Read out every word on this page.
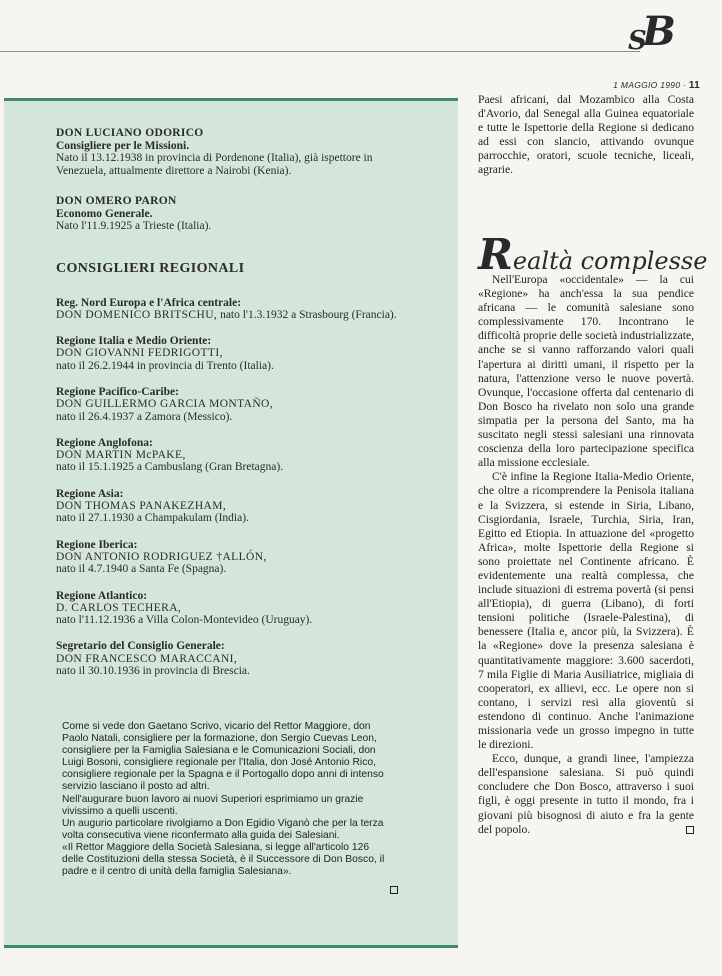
S
B
1 MAGGIO 1990 · 11
DON LUCIANO ODORICO
Consigliere per le Missioni.
Nato il 13.12.1938 in provincia di Pordenone (Italia), già ispettore in Venezuela, attualmente direttore a Nairobi (Kenia).
DON OMERO PARON
Economo Generale.
Nato l'11.9.1925 a Trieste (Italia).
CONSIGLIERI REGIONALI
Reg. Nord Europa e l'Africa centrale:
DON DOMENICO BRITSCHU, nato l'1.3.1932 a Strasbourg (Francia).
Regione Italia e Medio Oriente:
DON GIOVANNI FEDRIGOTTI,
nato il 26.2.1944 in provincia di Trento (Italia).
Regione Pacifico-Caribe:
DON GUILLERMO GARCIA MONTAÑO,
nato il 26.4.1937 a Zamora (Messico).
Regione Anglofona:
DON MARTIN McPAKE,
nato il 15.1.1925 a Cambuslang (Gran Bretagna).
Regione Asia:
DON THOMAS PANAKEZHAM,
nato il 27.1.1930 a Champakulam (India).
Regione Iberica:
DON ANTONIO RODRIGUEZ †ALLÓN,
nato il 4.7.1940 a Santa Fe (Spagna).
Regione Atlantico:
D. CARLOS TECHERA,
nato l'11.12.1936 a Villa Colon-Montevideo (Uruguay).
Segretario del Consiglio Generale:
DON FRANCESCO MARACCANI,
nato il 30.10.1936 in provincia di Brescia.
Come si vede don Gaetano Scrivo, vicario del Rettor Maggiore, don Paolo Natali, consigliere per la formazione, don Sergio Cuevas Leon, consigliere per la Famiglia Salesiana e le Comunicazioni Sociali, don Luigi Bosoni, consigliere regionale per l'Italia, don José Antonio Rico, consigliere regionale per la Spagna e il Portogallo dopo anni di intenso servizio lasciano il posto ad altri.
Nell'augurare buon lavoro ai nuovi Superiori esprimiamo un grazie vivissimo a quelli uscenti.
Un augurio particolare rivolgiamo a Don Egidio Viganò che per la terza volta consecutiva viene riconfermato alla guida dei Salesiani.
«Il Rettor Maggiore della Società Salesiana, si legge all'articolo 126 delle Costituzioni della stessa Società, è il Successore di Don Bosco, il padre e il centro di unità della famiglia Salesiana».

Paesi africani, dal Mozambico alla Costa d'Avorio, dal Senegal alla Guinea equatoriale e tutte le Ispettorie della Regione si dedicano ad essi con slancio, attivando ovunque parrocchie, oratori, scuole tecniche, liceali, agrarie.

Realtà complesse

Nell'Europa «occidentale» — la cui «Regione» ha anch'essa la sua pendice africana — le comunità salesiane sono complessivamente 170. Incontrano le difficoltà proprie delle società industrializzate, anche se si vanno rafforzando valori quali l'apertura ai diritti umani, il rispetto per la natura, l'attenzione verso le nuove povertà. Ovunque, l'occasione offerta dal centenario di Don Bosco ha rivelato non solo una grande simpatia per la persona del Santo, ma ha suscitato negli stessi salesiani una rinnovata coscienza della loro partecipazione specifica alla missione ecclesiale.

C'è infine la Regione Italia-Medio Oriente, che oltre a ricomprendere la Penisola italiana e la Svizzera, si estende in Siria, Libano, Cisgiordania, Israele, Turchia, Siria, Iran, Egitto ed Etiopia. In attuazione del «progetto Africa», molte Ispettorie della Regione si sono proiettate nel Continente africano. È evidentemente una realtà complessa, che include situazioni di estrema povertà (si pensi all'Etiopia), di guerra (Libano), di forti tensioni politiche (Israele-Palestina), di benessere (Italia e, ancor più, la Svizzera). È la «Regione» dove la presenza salesiana è quantitativamente maggiore: 3.600 sacerdoti, 7 mila Figlie di Maria Ausiliatrice, migliaia di cooperatori, ex allievi, ecc. Le opere non si contano, i servizi resi alla gioventù si estendono di continuo. Anche l'animazione missionaria vede un grosso impegno in tutte le direzioni.

Ecco, dunque, a grandi linee, l'ampiezza dell'espansione salesiana. Si può quindi concludere che Don Bosco, attraverso i suoi figli, è oggi presente in tutto il mondo, fra i giovani più bisognosi di aiuto e fra la gente del popolo.
